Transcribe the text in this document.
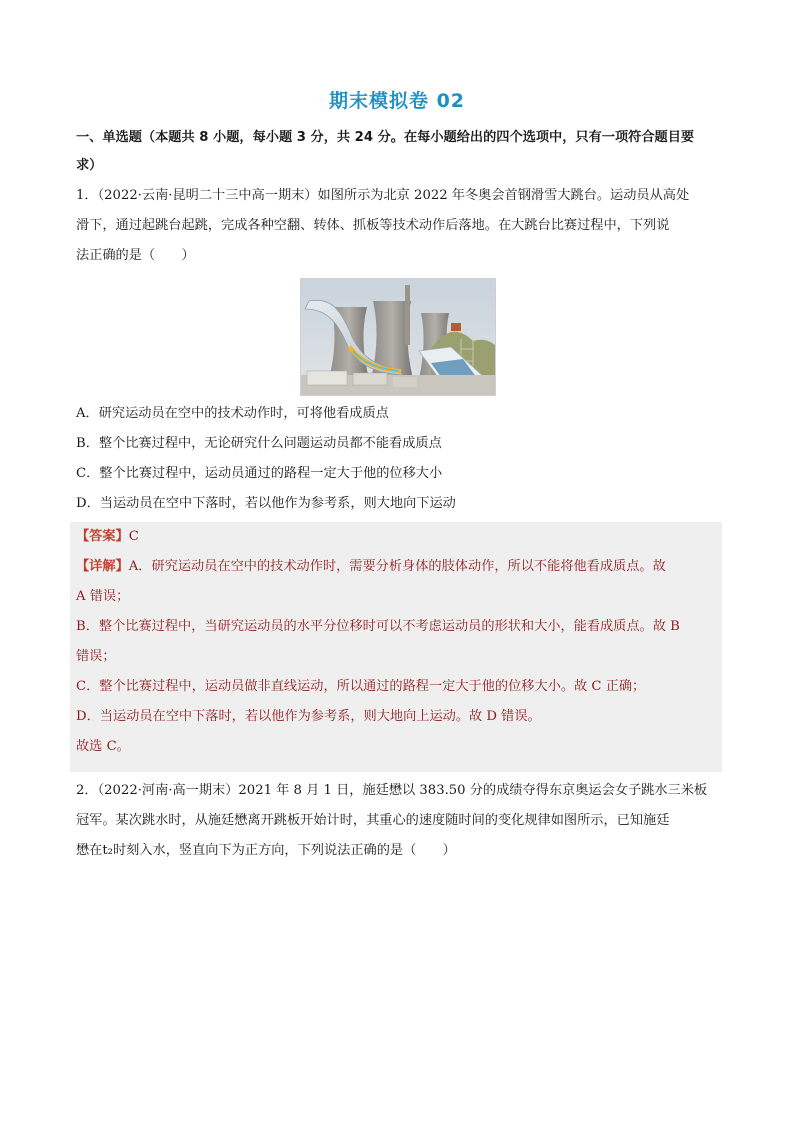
期末模拟卷 02
一、单选题（本题共 8 小题，每小题 3 分，共 24 分。在每小题给出的四个选项中，只有一项符合题目要
求）
1．（2022·云南·昆明二十三中高一期末）如图所示为北京 2022 年冬奥会首钢滑雪大跳台。运动员从高处
滑下，通过起跳台起跳，完成各种空翻、转体、抓板等技术动作后落地。在大跳台比赛过程中，下列说
法正确的是（　　）
A．研究运动员在空中的技术动作时，可将他看成质点
B．整个比赛过程中，无论研究什么问题运动员都不能看成质点
C．整个比赛过程中，运动员通过的路程一定大于他的位移大小
D．当运动员在空中下落时，若以他作为参考系，则大地向下运动
【答案】C
【详解】A．研究运动员在空中的技术动作时，需要分析身体的肢体动作，所以不能将他看成质点。故
A 错误；
B．整个比赛过程中，当研究运动员的水平分位移时可以不考虑运动员的形状和大小，能看成质点。故 B
错误；
C．整个比赛过程中，运动员做非直线运动，所以通过的路程一定大于他的位移大小。故 C 正确；
D．当运动员在空中下落时，若以他作为参考系，则大地向上运动。故 D 错误。
故选 C。
2．（2022·河南·高一期末）2021 年 8 月 1 日，施廷懋以 383.50 分的成绩夺得东京奥运会女子跳水三米板
冠军。某次跳水时，从施廷懋离开跳板开始计时，其重心的速度随时间的变化规律如图所示，已知施廷
懋在t₂时刻入水，竖直向下为正方向，下列说法正确的是（　　）
